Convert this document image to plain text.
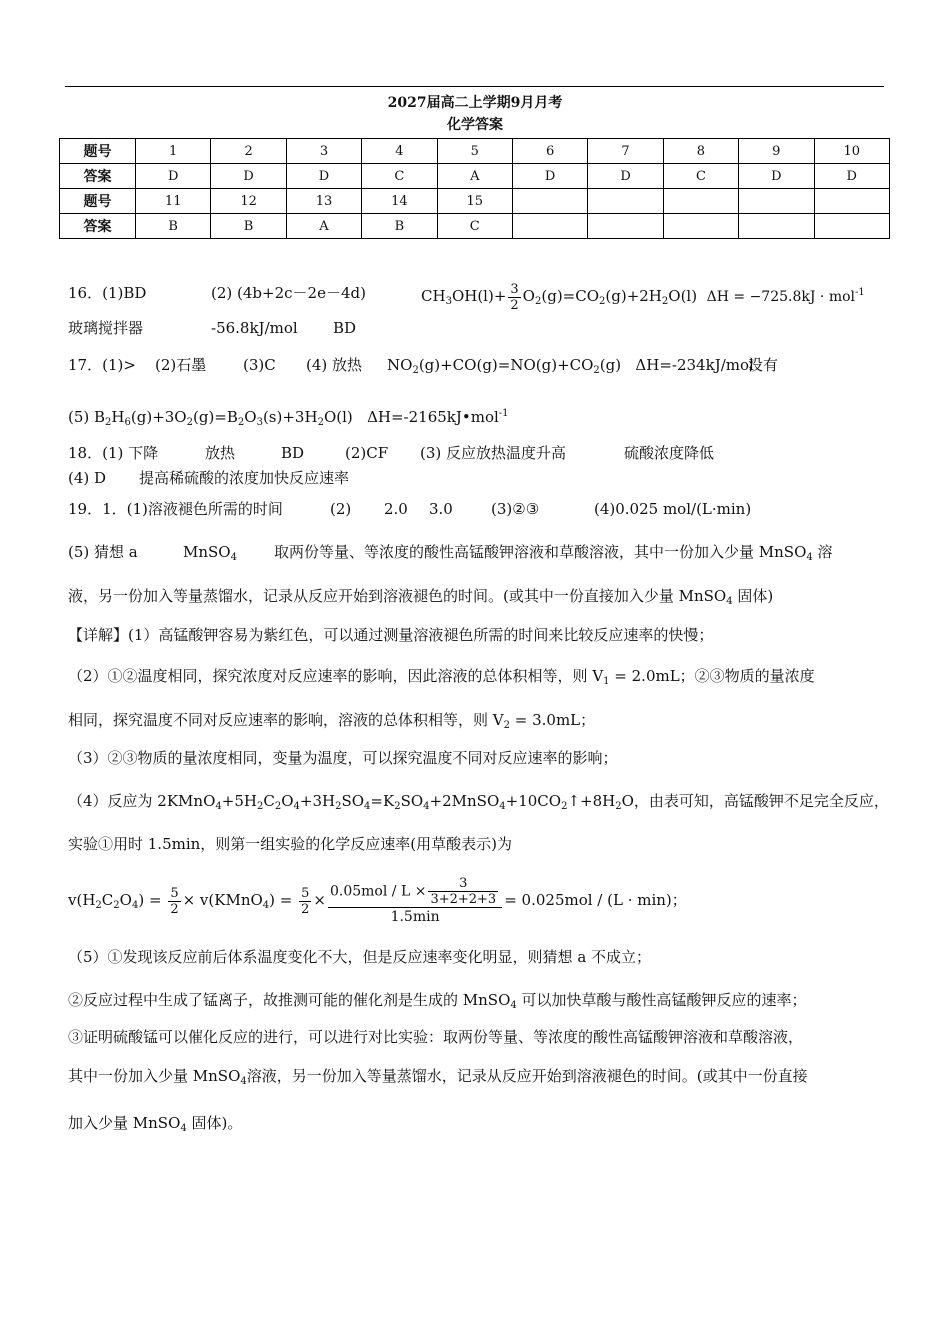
2027届高二上学期9月月考
化学答案
题号	1	2	3	4	5	6	7	8	9	10
答案	D	D	D	C	A	D	D	C	D	D
题号	11	12	13	14	15					
答案	B	B	A	B	C					
16．(1)BD	(2) (4b+2c－2e－4d)	$CH_3OH(l)+ \frac{3}{2} O_2(g)=CO_2(g)+2H_2O(l) \Delta H = -725.8kJ \cdot mol^{-1}$
玻璃搅拌器	-56.8kJ/mol BD
17．(1)> (2)石墨 (3)C (4) 放热 $NO_2(g)+CO(g)=NO(g)+CO_2(g)$ ΔH=-234kJ/mol
没有
(5) $B_2H_6(g)+3O_2(g)=B_2O_3(s)+3H_2O(l)$ ΔH=-2165kJ•mol$^{-1}$
18．(1) 下降	放热	BD	(2)CF (3) 反应放热温度升高	硫酸浓度降低
(4) D 提高稀硫酸的浓度加快反应速率
19．1．(1)溶液褪色所需的时间	(2) 2.0 3.0	(3)②③	(4)0.025 mol/(L·min)
(5) 猜想 a	MnSO$_4$ 取两份等量、等浓度的酸性高锰酸钾溶液和草酸溶液，其中一份加入少量 MnSO$_4$ 溶
液，另一份加入等量蒸馏水，记录从反应开始到溶液褪色的时间。(或其中一份直接加入少量 MnSO$_4$ 固体)
【详解】(1）高锰酸钾容易为紫红色，可以通过测量溶液褪色所需的时间来比较反应速率的快慢；
（2）①②温度相同，探究浓度对反应速率的影响，因此溶液的总体积相等，则 $V_1 = 2.0mL$；②③物质的量浓度
相同，探究温度不同对反应速率的影响，溶液的总体积相等，则 $V_2 = 3.0mL$；
（3）②③物质的量浓度相同，变量为温度，可以探究温度不同对反应速率的影响；
（4）反应为 $2KMnO_4+5H_2C_2O_4+3H_2SO_4=K_2SO_4+2MnSO_4+10CO_2↑+8H_2O$，由表可知，高锰酸钾不足完全反应，
实验①用时 1.5min，则第一组实验的化学反应速率(用草酸表示)为
$v(H_2C_2O_4) = \frac{5}{2}$ × v(KMnO$_4$) = $\frac{5}{2} \times \frac{0.05mol / L \times \frac{3}{3+2+2+3}}{1.5\min} = 0.025mol / (L \cdot \min)$；
（5）①发现该反应前后体系温度变化不大，但是反应速率变化明显，则猜想 a 不成立；
②反应过程中生成了锰离子，故推测可能的催化剂是生成的 MnSO$_4$ 可以加快草酸与酸性高锰酸钾反应的速率；
③证明硫酸锰可以催化反应的进行，可以进行对比实验：取两份等量、等浓度的酸性高锰酸钾溶液和草酸溶液，
其中一份加入少量 MnSO$_4$溶液，另一份加入等量蒸馏水，记录从反应开始到溶液褪色的时间。(或其中一份直接
加入少量 MnSO$_4$ 固体)。
